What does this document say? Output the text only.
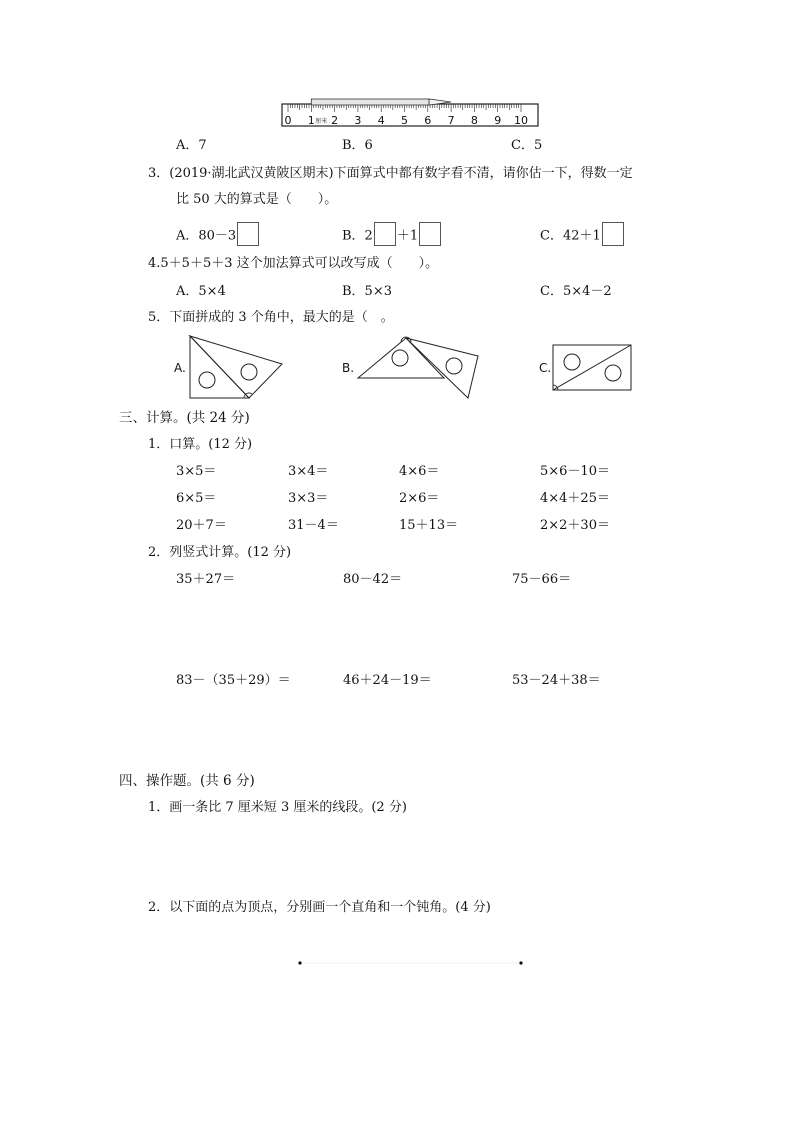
0 1 厘米 2 3 4 5 6 7 8 9 10
A．7	B．6	C．5
3．(2019·湖北武汉黄陂区期末)下面算式中都有数字看不清，请你估一下，得数一定
比 50 大的算式是（　　）。
A．80－3	B．2 ＋1	C．42＋1
4.5＋5＋5＋3 这个加法算式可以改写成（　　）。
A．5×4	B．5×3	C．5×4－2
5．下面拼成的 3 个角中，最大的是（　。
A.	B.	C.
三、计算。(共 24 分)
1．口算。(12 分)
3×5＝	3×4＝	4×6＝	5×6－10＝
6×5＝	3×3＝	2×6＝	4×4＋25＝
20＋7＝	31－4＝	15＋13＝	2×2＋30＝
2．列竖式计算。(12 分)
35＋27＝	80－42＝	75－66＝
83－（35＋29）＝	46＋24－19＝	53－24＋38＝
四、操作题。(共 6 分)
1．画一条比 7 厘米短 3 厘米的线段。(2 分)
2．以下面的点为顶点，分别画一个直角和一个钝角。(4 分)
